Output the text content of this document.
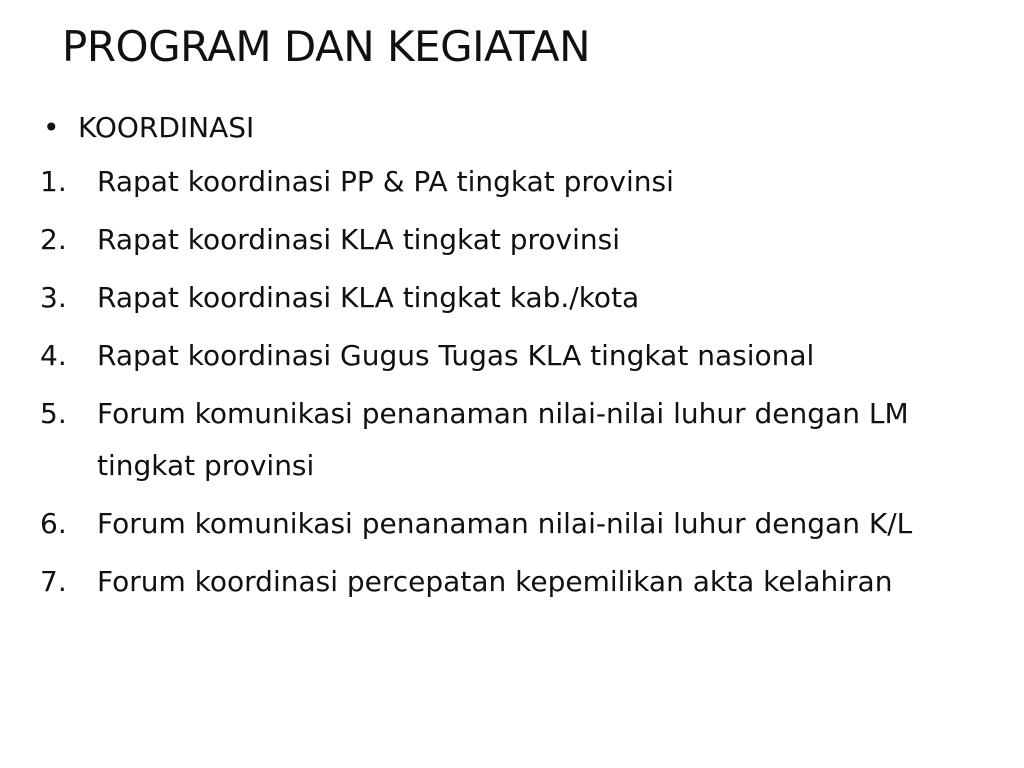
PROGRAM DAN KEGIATAN
• KOORDINASI
1.	Rapat koordinasi PP & PA tingkat provinsi
2.	Rapat koordinasi KLA tingkat provinsi
3.	Rapat koordinasi KLA tingkat kab./kota
4.	Rapat koordinasi Gugus Tugas KLA tingkat nasional
5.	Forum komunikasi penanaman nilai-nilai luhur dengan LM tingkat provinsi
6.	Forum komunikasi penanaman nilai-nilai luhur dengan K/L
7.	Forum koordinasi percepatan kepemilikan akta kelahiran
